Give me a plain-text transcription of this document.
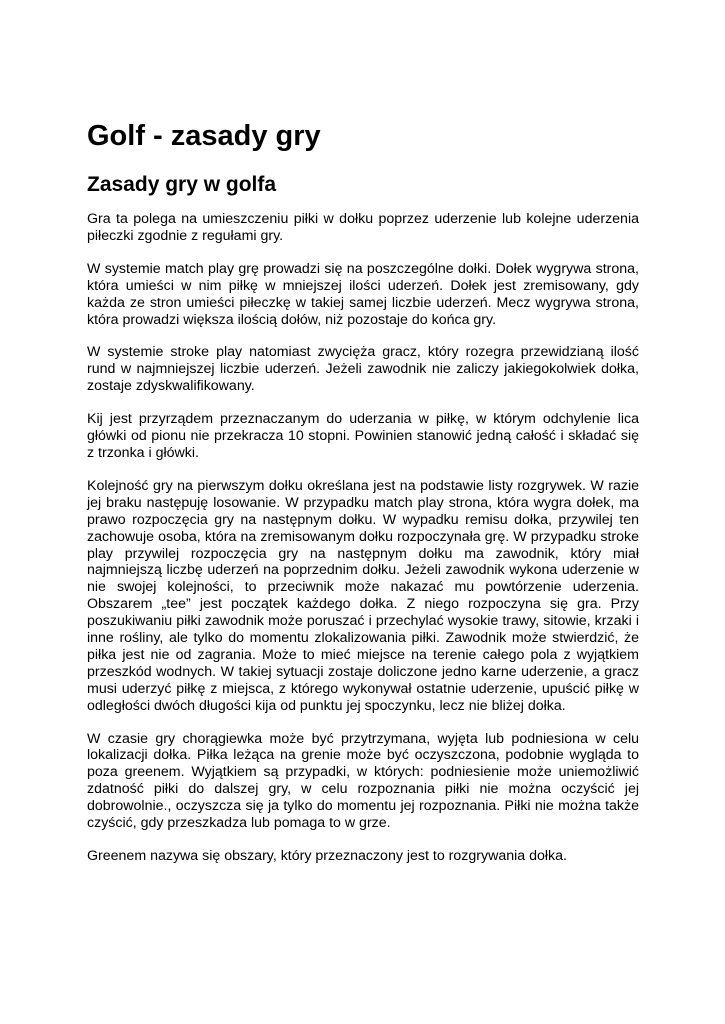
Golf - zasady gry
Zasady gry w golfa

Gra ta polega na umieszczeniu piłki w dołku poprzez uderzenie lub kolejne uderzenia piłeczki zgodnie z regułami gry.

W systemie match play grę prowadzi się na poszczególne dołki. Dołek wygrywa strona, która umieści w nim piłkę w mniejszej ilości uderzeń. Dołek jest zremisowany, gdy każda ze stron umieści piłeczkę w takiej samej liczbie uderzeń. Mecz wygrywa strona, która prowadzi większa ilością dołów, niż pozostaje do końca gry.

W systemie stroke play natomiast zwycięża gracz, który rozegra przewidzianą ilość rund w najmniejszej liczbie uderzeń. Jeżeli zawodnik nie zaliczy jakiegokolwiek dołka, zostaje zdyskwalifikowany.

Kij jest przyrządem przeznaczanym do uderzania w piłkę, w którym odchylenie lica główki od pionu nie przekracza 10 stopni. Powinien stanowić jedną całość i składać się z trzonka i główki.

Kolejność gry na pierwszym dołku określana jest na podstawie listy rozgrywek. W razie jej braku następuję losowanie. W przypadku match play strona, która wygra dołek, ma prawo rozpoczęcia gry na następnym dołku. W wypadku remisu dołka, przywilej ten zachowuje osoba, która na zremisowanym dołku rozpoczynała grę. W przypadku stroke play przywilej rozpoczęcia gry na następnym dołku ma zawodnik, który miał najmniejszą liczbę uderzeń na poprzednim dołku. Jeżeli zawodnik wykona uderzenie w nie swojej kolejności, to przeciwnik może nakazać mu powtórzenie uderzenia. Obszarem „tee” jest początek każdego dołka. Z niego rozpoczyna się gra. Przy poszukiwaniu piłki zawodnik może poruszać i przechylać wysokie trawy, sitowie, krzaki i inne rośliny, ale tylko do momentu zlokalizowania piłki. Zawodnik może stwierdzić, że piłka jest nie od zagrania. Może to mieć miejsce na terenie całego pola z wyjątkiem przeszkód wodnych. W takiej sytuacji zostaje doliczone jedno karne uderzenie, a gracz musi uderzyć piłkę z miejsca, z którego wykonywał ostatnie uderzenie, upuścić piłkę w odległości dwóch długości kija od punktu jej spoczynku, lecz nie bliżej dołka.

W czasie gry chorągiewka może być przytrzymana, wyjęta lub podniesiona w celu lokalizacji dołka. Piłka leżąca na grenie może być oczyszczona, podobnie wygląda to poza greenem. Wyjątkiem są przypadki, w których: podniesienie może uniemożliwić zdatność piłki do dalszej gry, w celu rozpoznania piłki nie można oczyścić jej dobrowolnie., oczyszcza się ja tylko do momentu jej rozpoznania. Piłki nie można także czyścić, gdy przeszkadza lub pomaga to w grze.

Greenem nazywa się obszary, który przeznaczony jest to rozgrywania dołka.
